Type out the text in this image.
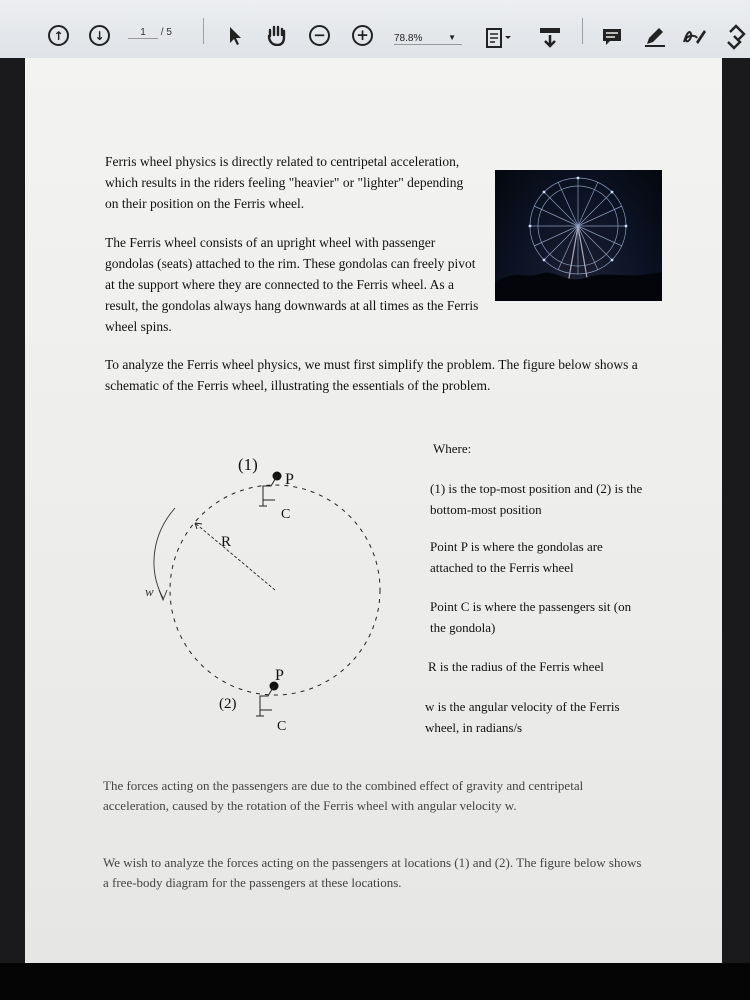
↑	↓	1 / 5	− +	78.8%	▼

Ferris wheel physics is directly related to centripetal acceleration, which results in the riders feeling "heavier" or "lighter" depending on their position on the Ferris wheel.

The Ferris wheel consists of an upright wheel with passenger gondolas (seats) attached to the rim. These gondolas can freely pivot at the support where they are connected to the Ferris wheel. As a result, the gondolas always hang downwards at all times as the Ferris wheel spins.

To analyze the Ferris wheel physics, we must first simplify the problem. The figure below shows a schematic of the Ferris wheel, illustrating the essentials of the problem.

(1)
P
C
R
w
P
(2)
C

Where:

(1) is the top-most position and (2) is the bottom-most position

Point P is where the gondolas are attached to the Ferris wheel

Point C is where the passengers sit (on the gondola)

R is the radius of the Ferris wheel

w is the angular velocity of the Ferris wheel, in radians/s

The forces acting on the passengers are due to the combined effect of gravity and centripetal acceleration, caused by the rotation of the Ferris wheel with angular velocity w.

We wish to analyze the forces acting on the passengers at locations (1) and (2). The figure below shows a free-body diagram for the passengers at these locations.
